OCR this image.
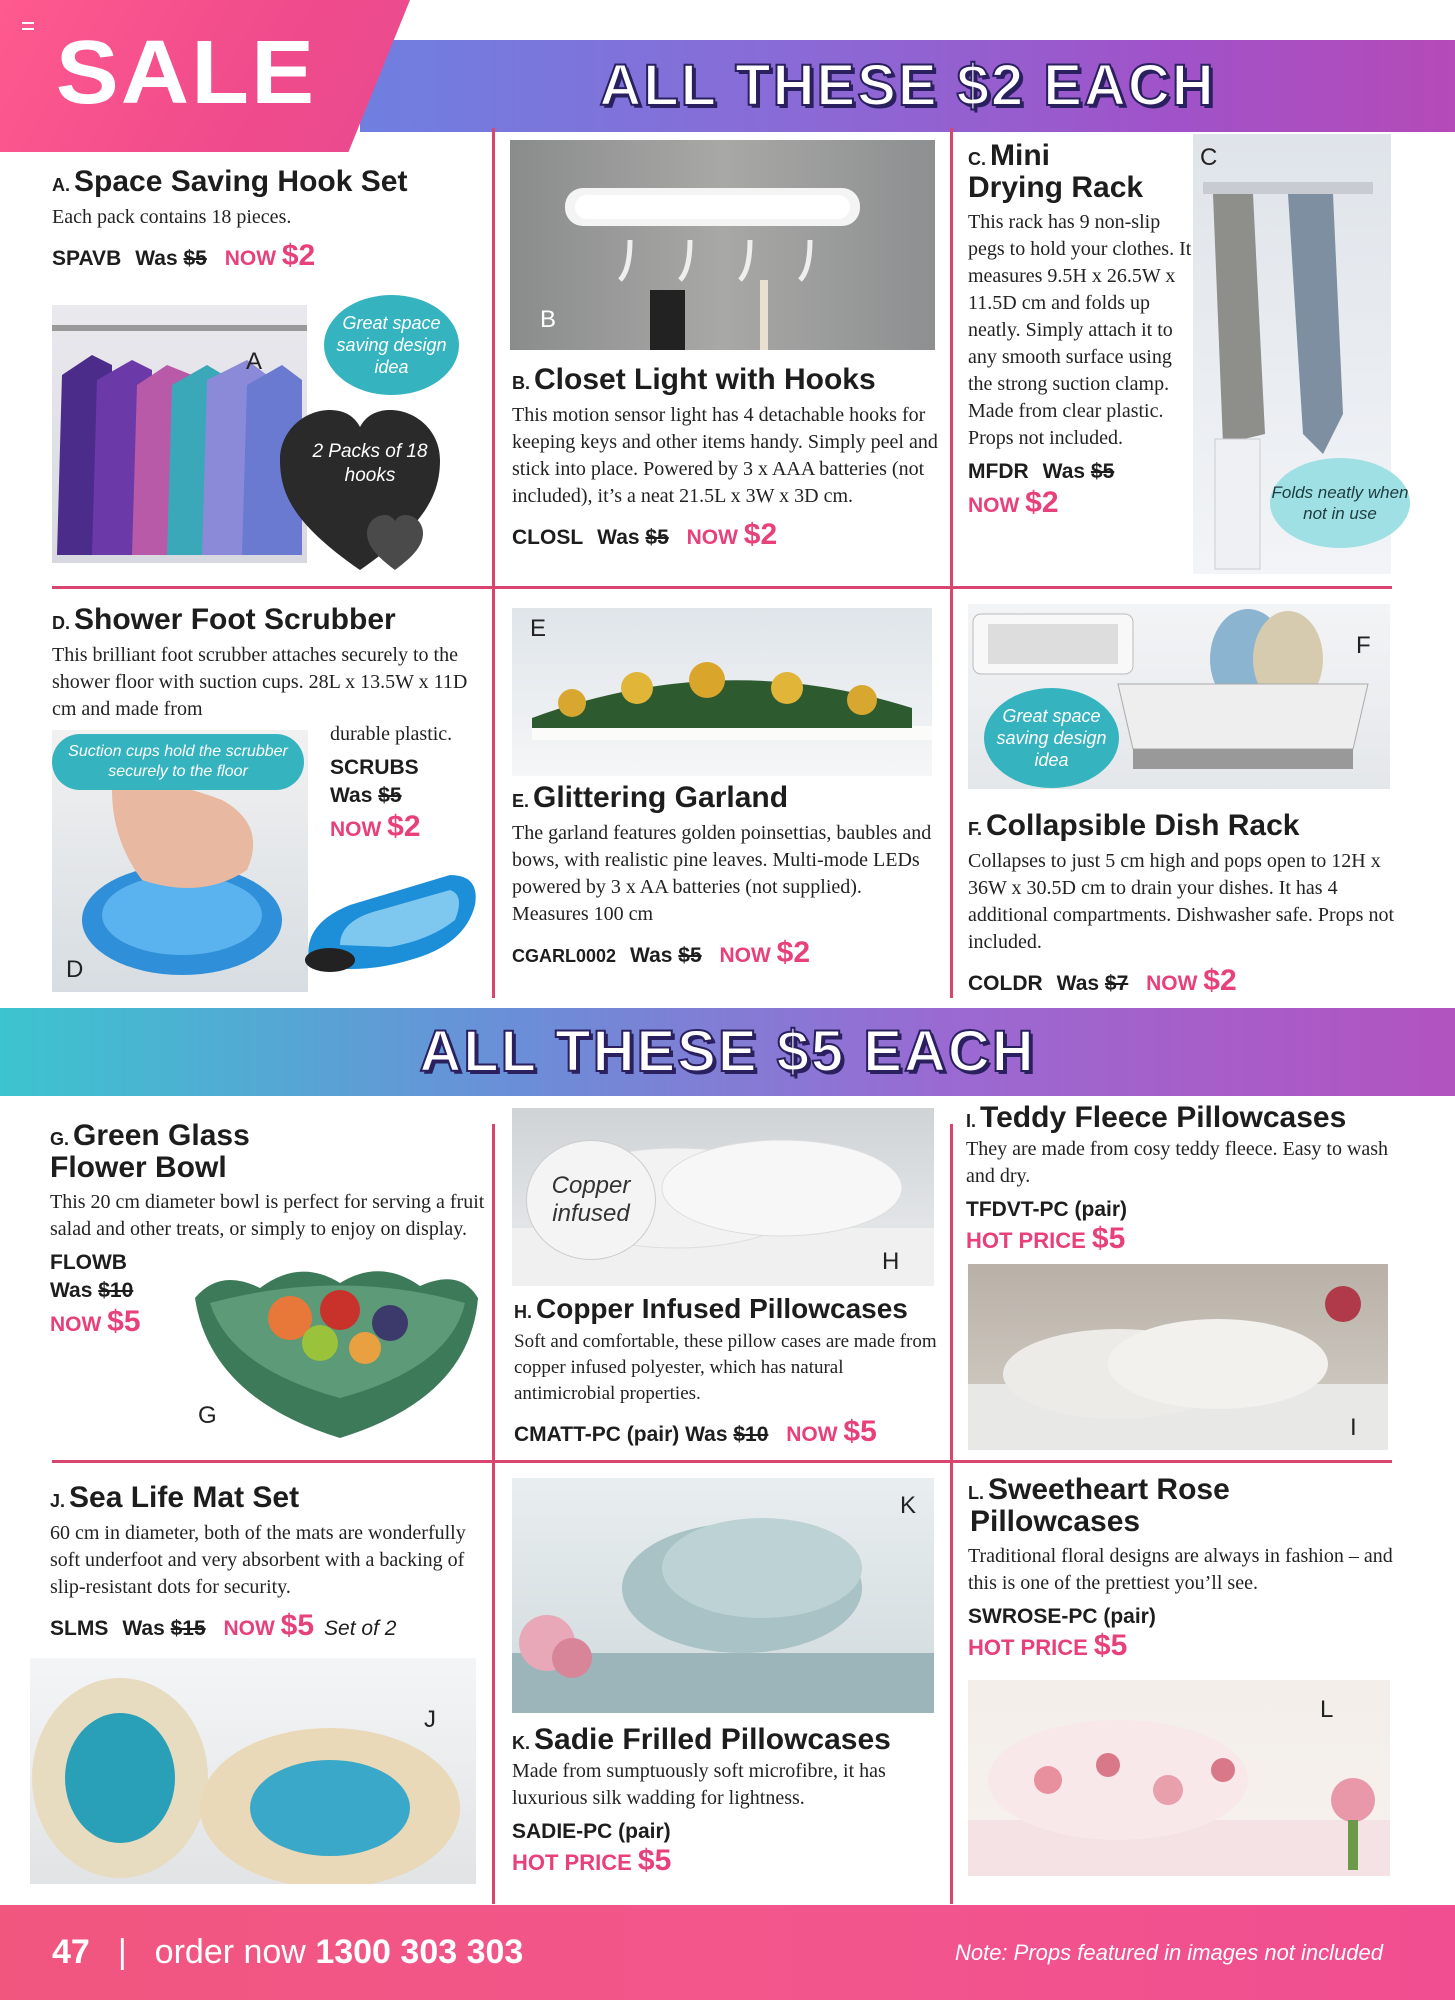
SALE	ALL THESE $2 EACH
A. Space Saving Hook Set
Each pack contains 18 pieces.
SPAVB Was $5 NOW $2
A
Great space saving design idea
2 Packs of 18 hooks
B
B. Closet Light with Hooks
This motion sensor light has 4 detachable hooks for keeping keys and other items handy. Simply peel and stick into place. Powered by 3 x AAA batteries (not included), it’s a neat 21.5L x 3W x 3D cm.
CLOSL Was $5 NOW $2
C. Mini
Drying Rack
This rack has 9 non-slip pegs to hold your clothes. It measures 9.5H x 26.5W x 11.5D cm and folds up neatly. Simply attach it to any smooth surface using the strong suction clamp. Made from clear plastic. Props not included.
MFDR Was $5
NOW $2
C
Folds neatly when not in use
D. Shower Foot Scrubber
This brilliant foot scrubber attaches securely to the shower floor with suction cups. 28L x 13.5W x 11D cm and made from
durable plastic.
SCRUBS
Was $5
NOW $2
D
Suction cups hold the scrubber securely to the floor
E
E. Glittering Garland
The garland features golden poinsettias, baubles and bows, with realistic pine leaves. Multi-mode LEDs powered by 3 x AA batteries (not supplied). Measures 100 cm
CGARL0002 Was $5 NOW $2
F
Great space saving design idea
F. Collapsible Dish Rack
Collapses to just 5 cm high and pops open to 12H x 36W x 30.5D cm to drain your dishes. It has 4 additional compartments. Dishwasher safe. Props not included.
COLDR Was $7 NOW $2
ALL THESE $5 EACH
G. Green Glass
Flower Bowl
This 20 cm diameter bowl is perfect for serving a fruit salad and other treats, or simply to enjoy on display.
FLOWB
Was $10
NOW $5
G
Copper infused
H
H. Copper Infused Pillowcases
Soft and comfortable, these pillow cases are made from copper infused polyester, which has natural antimicrobial properties.
CMATT-PC (pair) Was $10 NOW $5
I. Teddy Fleece Pillowcases
They are made from cosy teddy fleece. Easy to wash and dry.
TFDVT-PC (pair)
HOT PRICE $5
I
J. Sea Life Mat Set
60 cm in diameter, both of the mats are wonderfully soft underfoot and very absorbent with a backing of slip-resistant dots for security.
SLMS Was $15 NOW $5 Set of 2
J
K
K. Sadie Frilled Pillowcases
Made from sumptuously soft microfibre, it has luxurious silk wadding for lightness.
SADIE-PC (pair)
HOT PRICE $5
L. Sweetheart Rose
Pillowcases
Traditional floral designs are always in fashion – and this is one of the prettiest you’ll see.
SWROSE-PC (pair)
HOT PRICE $5
L
47 | order now 1300 303 303	Note: Props featured in images not included
